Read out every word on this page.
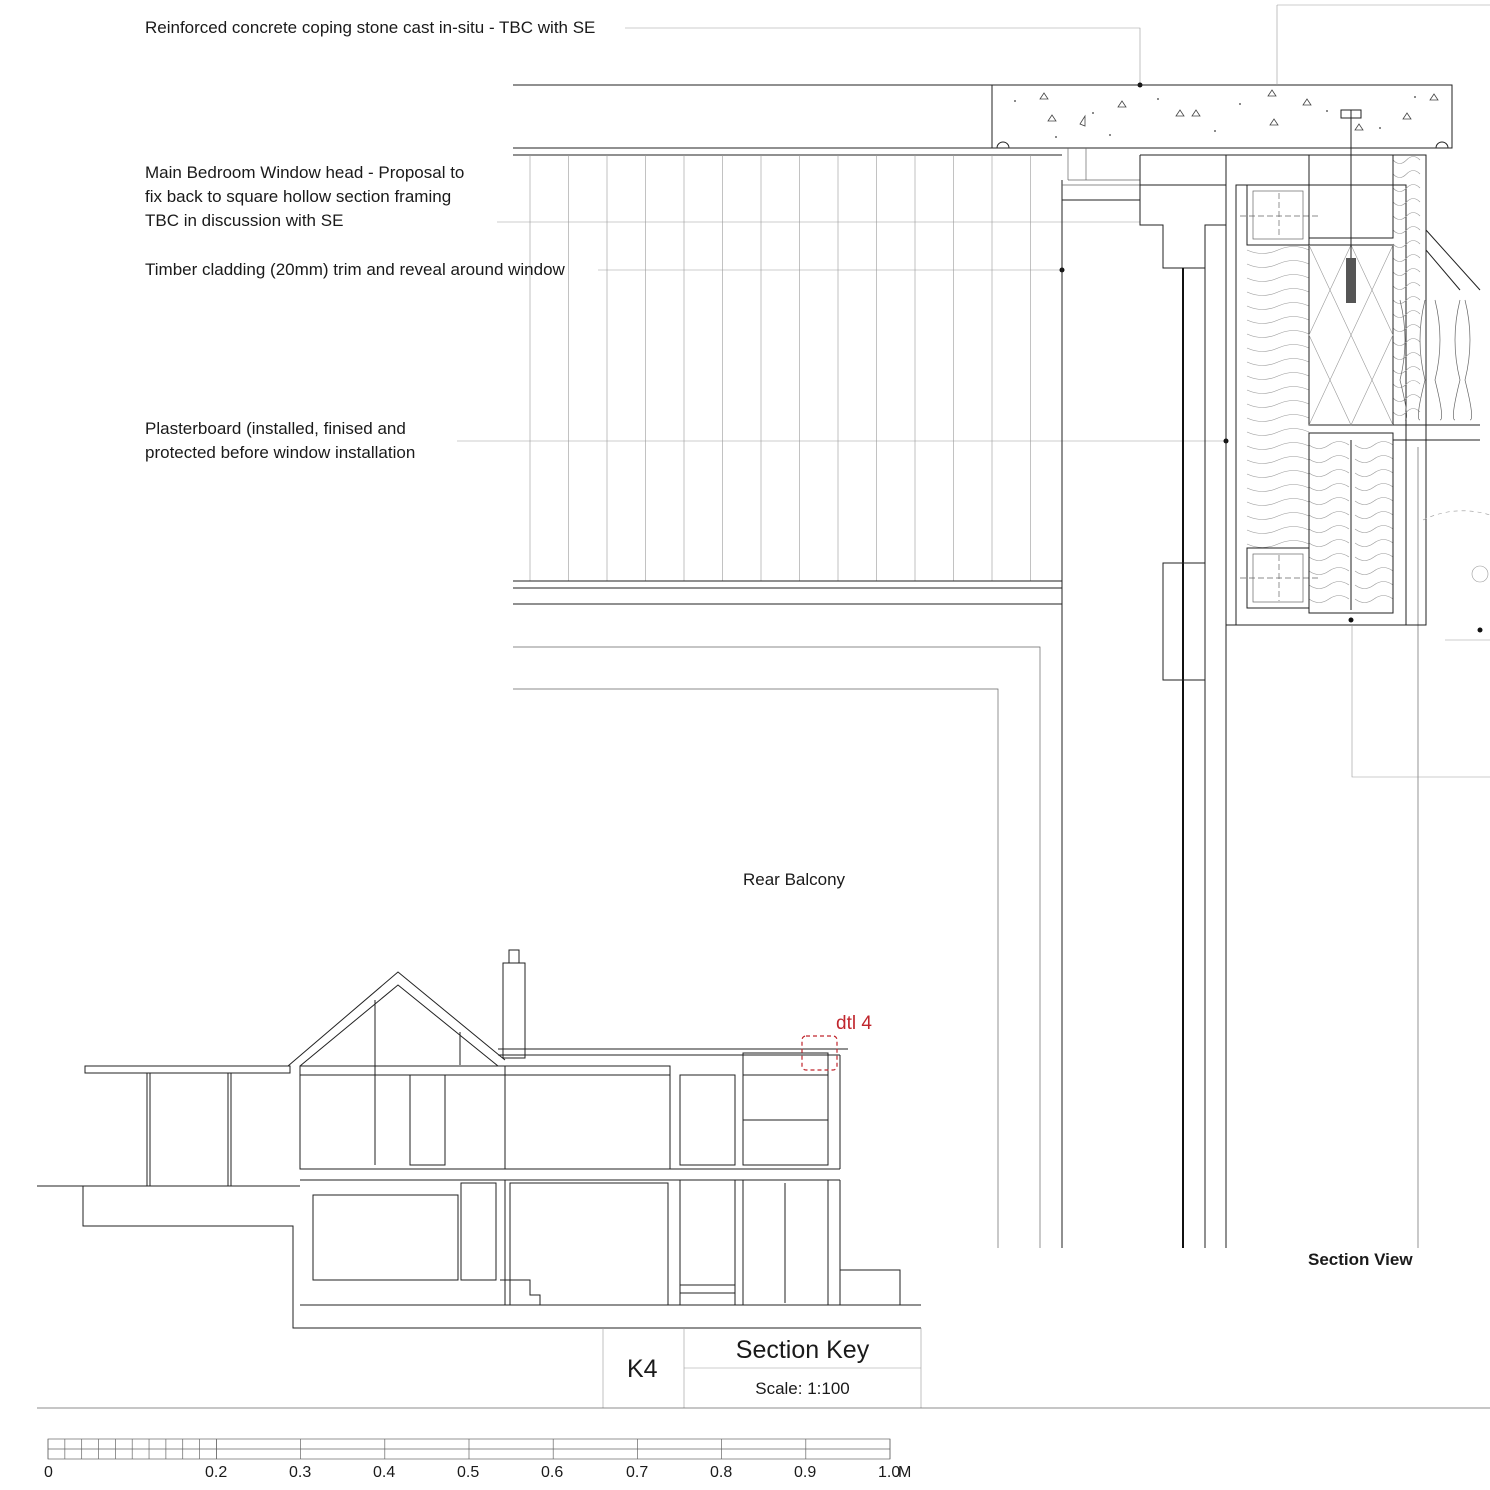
Reinforced concrete coping stone cast in-situ - TBC with SE
Main Bedroom Window head - Proposal to
fix back to square hollow section framing
TBC in discussion with SE
Timber cladding (20mm) trim and reveal around window
Plasterboard (installed, finised and
protected before window installation
Rear Balcony
Section View
dtl 4
K4
Section Key
Scale: 1:100
0	0.2	0.3	0.4	0.5	0.6	0.7	0.8	0.9	1.0
M
